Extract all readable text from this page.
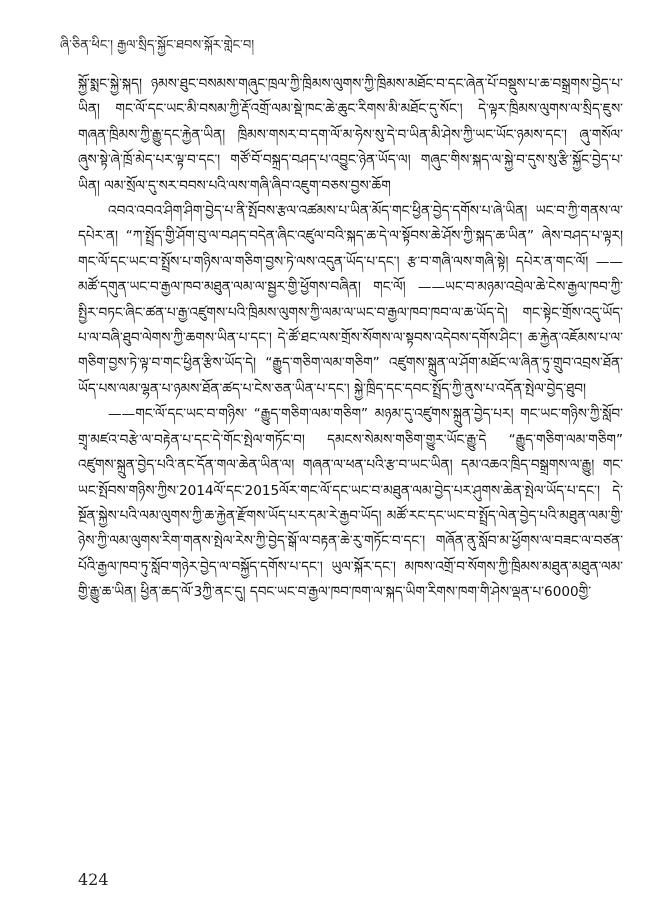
ཞི་ཅིན་ཕིང་། རྒྱལ་སྲིད་སྐྱོང་ཐབས་སྐོར་གླེང་བ།

སྐྱོ་སྨང་སྐྱེ་སྐད། ཉམས་ཐུང་བསམས་གཞུང་ཁྲལ་ཀྱི་ཁྲིམས་ལུགས་ཀྱི་ཁྲིམས་མཐོང་བ་དང་ཞེན་པོ་བསྡུས་པ་ཆ་བསྒྲགས་བྱེད་པ་ཡིན། གང་ལོ་དང་ཡང་མི་བསམ་ཀྱི་རྡོ་འགྲོ་ལམ་སྡེ་ཁང་ཆེ་ཆུང་རིགས་མི་མཐོང་དུ་སོང་། དེ་ལྟར་ཁྲིམས་ལུགས་ལ་སྲིད་ཇུས་གཞན་ཁྲིམས་ཀྱི་རྒྱུ་དང་རྐྱེན་ཡིན། ཁྲིམས་གསར་བ་དག་ལོ་མ་ཧེས་སུ་དེ་བ་ཡིན་མི་ཤེས་ཀྱི་ཡང་ཡོང་ཉམས་དང་། ཞུ་གསོལ་ཞུས་སྟེ་ཞེ་ཁྲོ་མེད་པར་ལྟ་བ་དང་། གཙོ་བོ་བསྐྲད་བཤད་པ་འབྱུང་ཉེན་ཡོད་ལ། གཞུང་གིས་སྐད་ལ་སྐྱེ་བ་དུས་སུ་རྩི་སྐྱོང་བྱེད་པ་ཡིན། ལམ་སྲོལ་དུ་སར་བབས་པའི་ལས་གཞི་ཞིབ་འཇུག་བཅས་བྱས་ཆོག

འབའ་འབའ་ཤིག་ཤིག་བྱེད་པ་ནི་སྤོབས་རྩལ་འཚམས་པ་ཡིན་མོད་གང་ཕྱིན་བྱེད་དགོས་པ་ཞེ་ཡིན། ཡང་བ་ཀྱི་གནས་ལ་དཔེར་ན། “ཀ་སྤྲོད་གྱི་ཤོག་བུ་ལ་བཤད་བདེན་ཞིང་འཛུལ་བའི་སྐད་ཆ་དེ་ལ་སྟོབས་ཆེ་ཤོས་ཀྱི་སྐད་ཆ་ཡིན” ཞེས་བཤད་པ་ལྟར། གང་ལོ་དང་ཡང་བ་སྤྲོས་པ་གཉིས་ལ་གཅིག་བྱས་ཏེ་ལས་འདུན་ཡོད་པ་དང་། རྩ་བ་གཞི་ལས་གཞི་སྟེ། དཔེར་ན་གང་ལོ། ——མཚོ་དགུན་ཡང་བ་རྒྱལ་ཁབ་མཐུན་ལམ་ལ་སྦྱར་གྱི་ཕྱོགས་བཞིན། གང་ལོ། ——ཡང་བ་མཉམ་འབྲེལ་ཆེ་ངེས་རྒྱལ་ཁབ་ཀྱི་སྤྱིར་བཏང་ཞིང་ཚན་པ་རྒྱ་འཛུགས་པའི་ཁྲིམས་ལུགས་ཀྱི་ལམ་ལ་ཡང་བ་རྒྱལ་ཁབ་ཁབ་ལ་ཆ་ཡོད་དེ། གང་སྟེང་གྲོས་འདུ་ཡོད་པ་ལ་བཞི་ཐུབ་ལེགས་ཀྱི་ཆགས་ཡིན་པ་དང་། དེ་ཚོ་ཐང་ལས་གྲོས་སོགས་ལ་སྟབས་འདེབས་དགོས་ཤིང་། ཆ་རྐྱེན་འཇོམས་པ་ལ་གཅིག་བྱས་ཏེ་ལྟ་བ་གང་ཕྱིན་རྩིས་ཡོད་དེ། “རྒྱུད་གཅིག་ལམ་གཅིག” འཛུགས་སྐྲུན་ལ་ཤོག་མཐོང་ལ་ཞིན་ཏུ་གྲུབ་འབྲས་ཐོན་ཡོད་པས་ལམ་ལྷན་པ་ཉམས་ཐོན་ཚད་པ་ངེས་ཅན་ཡིན་པ་དང་། སྐྱེ་ཁྲིད་དང་དབང་སྤྲོད་ཀྱི་ནུས་པ་འདོན་སྤེལ་བྱེད་ཐུབ།

——གང་ལོ་དང་ཡང་བ་གཉིས་ “རྒྱུད་གཅིག་ལམ་གཅིག” མཉམ་དུ་འཛུགས་སྐྲུན་བྱེད་པར། གང་ཡང་གཉིས་ཀྱི་སློབ་གྲྭ་མཛའ་བརྩེ་ལ་བརྟེན་པ་དང་དེ་གོང་སྤེལ་གཏོང་བ། དམངས་སེམས་གཅིག་གྱུར་ཡོང་རྒྱུ་དེ “རྒྱུད་གཅིག་ལམ་གཅིག” འཛུགས་སྐྲུན་བྱེད་པའི་ནང་དོན་གལ་ཆེན་ཡིན་ལ། གཞན་ལ་ཕན་པའི་རྩ་བ་ཡང་ཡིན། དམ་འཆའ་ཁྲིད་བསྒྲགས་ལ་རྒྱུ། གང་ཡང་སྤོབས་གཉིས་ཀྱིས་2014ལོ་དང་2015ལོར་གང་ལོ་དང་ཡང་བ་མཐུན་ལམ་བྱེད་པར་ཤུགས་ཆེན་སྤེལ་ཡོད་པ་དང་། དེ་སྔོན་སྐྱེས་པའི་ལམ་ལུགས་ཀྱི་ཆ་རྐྱེན་རྫོགས་ཡོད་པར་དམ་རེ་རྒྱབ་ཡོད། མཚོ་རང་དང་ཡང་བ་སྤྲོད་ལེན་བྱེད་པའི་མཐུན་ལམ་གྱི་ཉེས་ཀྱི་ལམ་ལུགས་རིག་གནས་སྤེལ་རེས་ཀྱི་བྱེད་སྒོ་ལ་བརྟན་ཆེ་རུ་གཏོང་བ་དང་། གཞོན་ནུ་སློབ་མ་ཕྱོགས་ལ་བཟང་ལ་བཙན་པོའི་རྒྱལ་ཁབ་ཏུ་སློབ་གཉེར་བྱེད་ལ་བསྐྱོད་དགོས་པ་དང་། ཡུལ་སྐོར་དང་། མཁས་འགྲོ་བ་སོགས་ཀྱི་ཁྲིམས་མཐུན་མཐུན་ལམ་གྱི་རྒྱུ་ཆ་ཡིན། ཕྱིན་ཆད་ལོ་3ཀྱི་ནང་དུ། དབང་ཡང་བ་རྒྱལ་ཁབ་ཁག་ལ་སྐད་ཡིག་རིགས་ཁག་གི་ཤེས་ལྡན་པ་6000གྱི་

424
